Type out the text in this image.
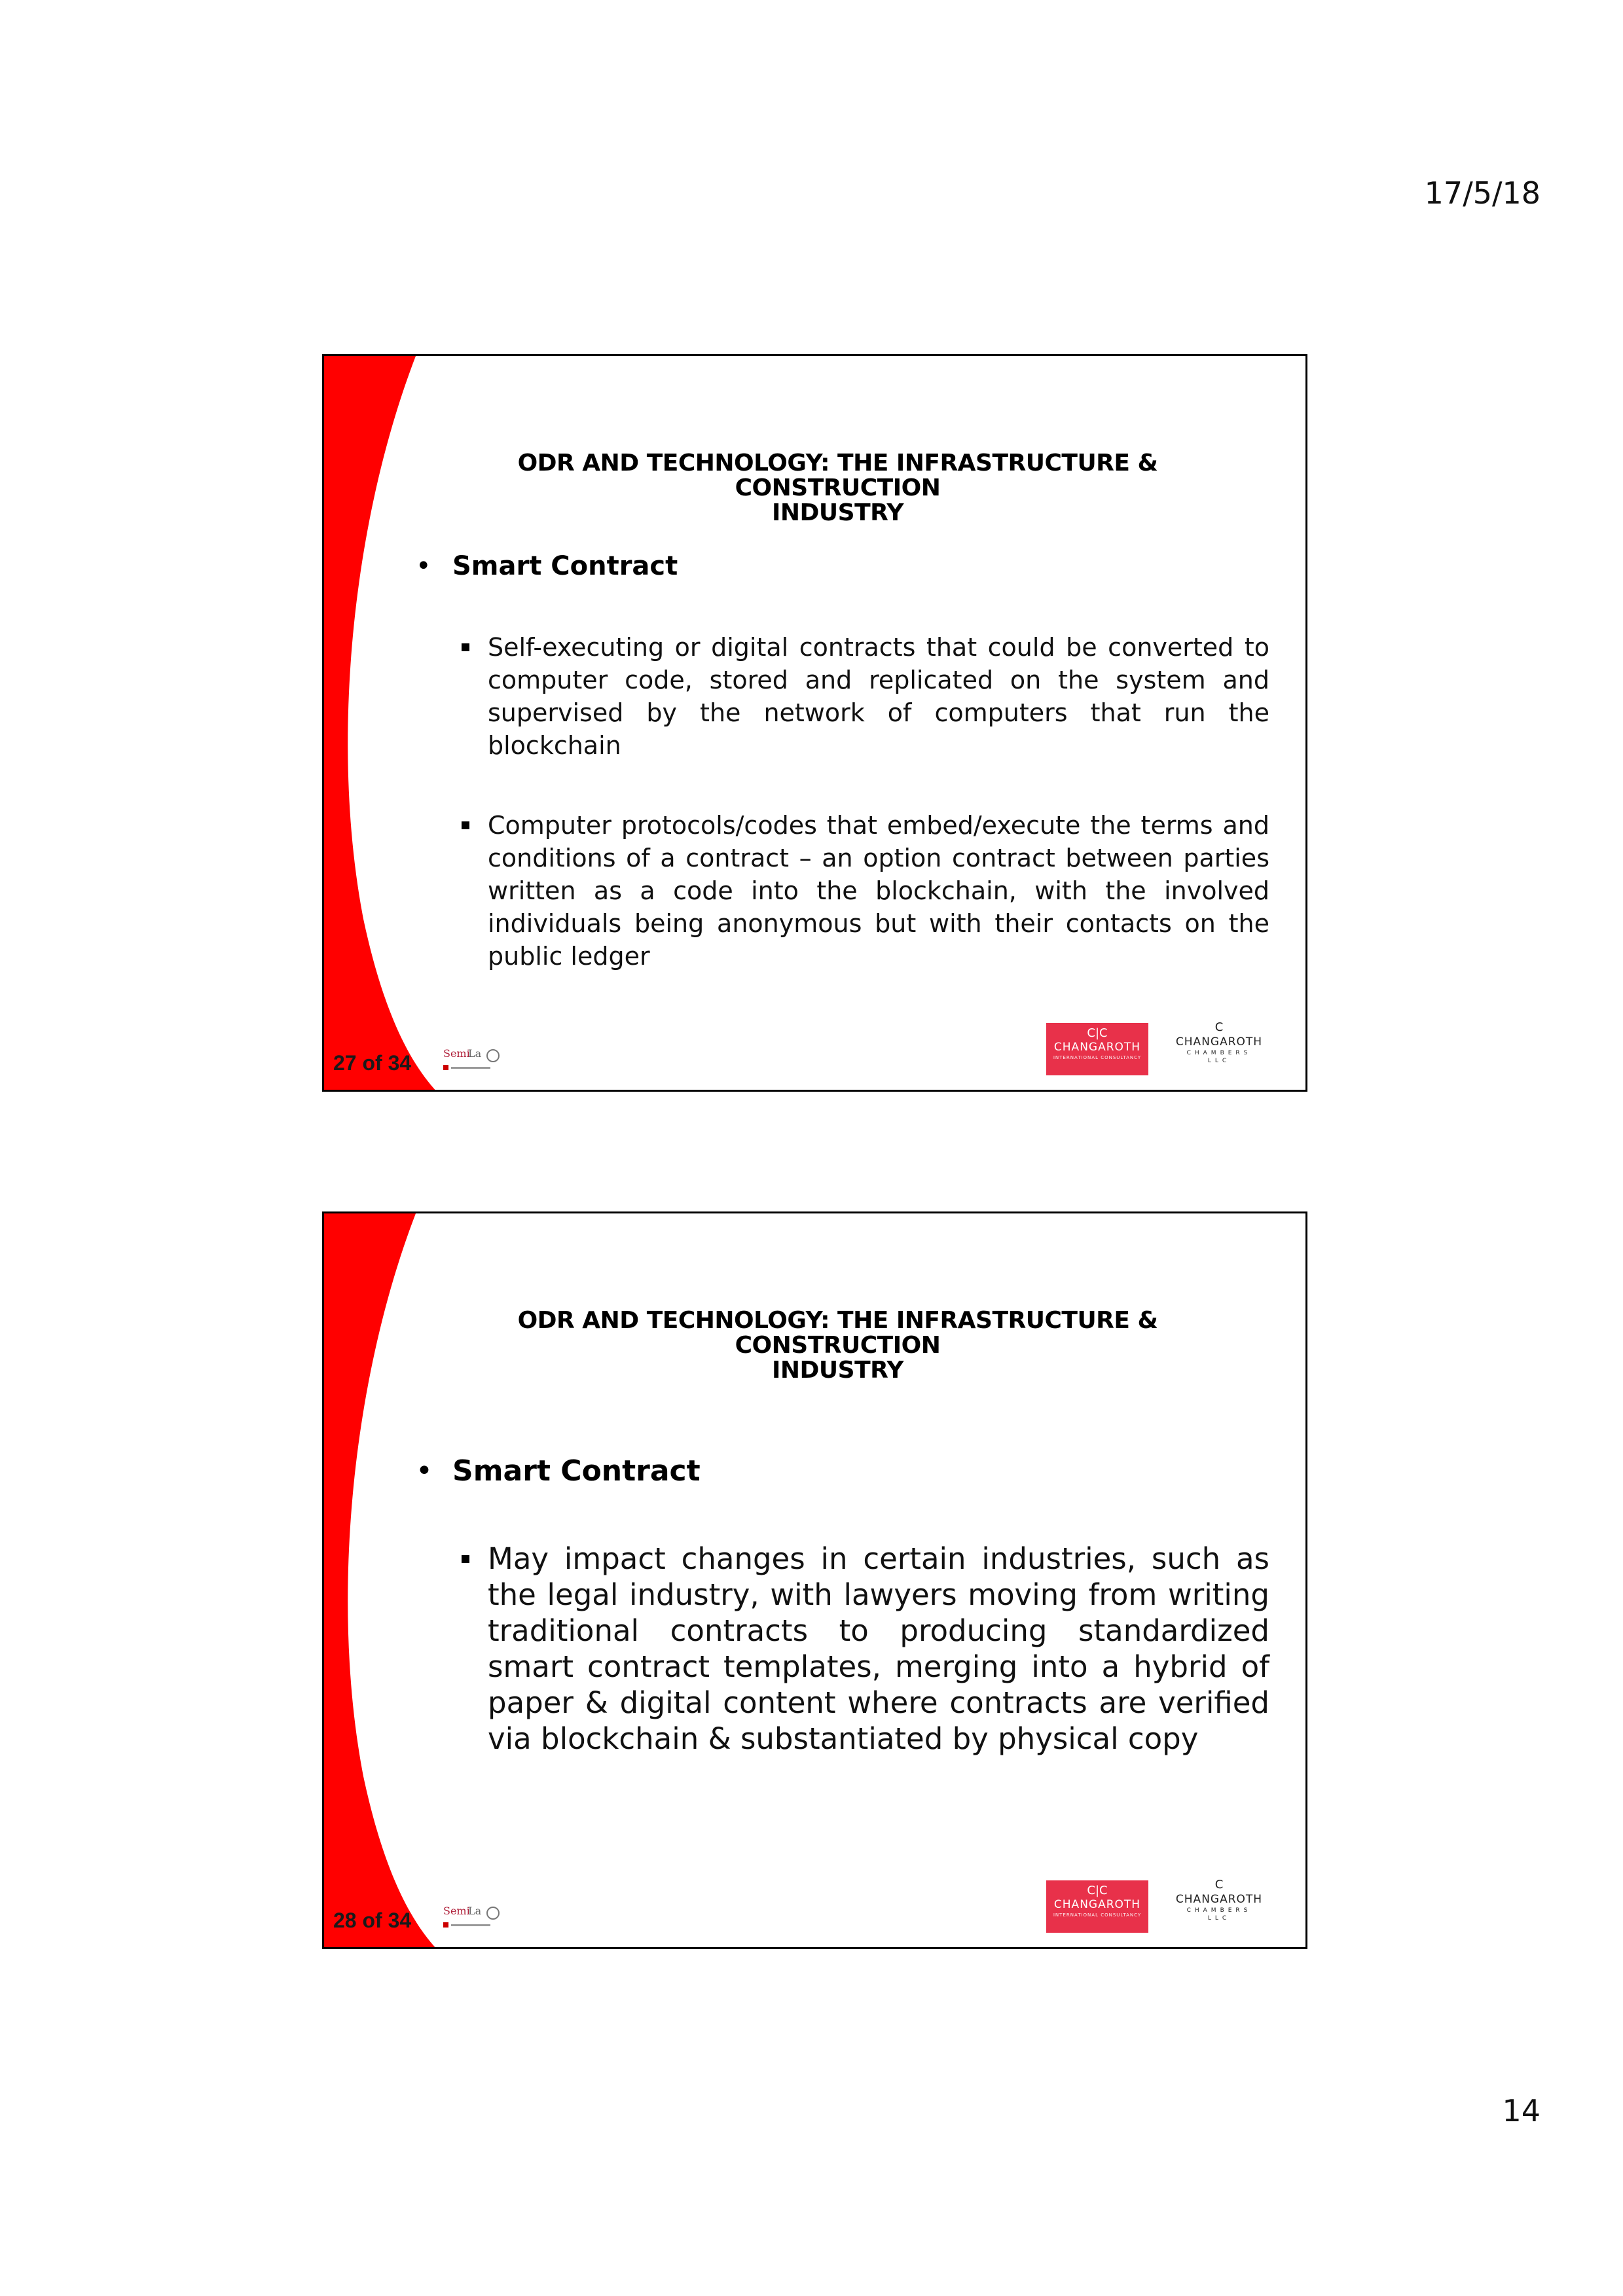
17/5/18
ODR AND TECHNOLOGY: THE INFRASTRUCTURE & CONSTRUCTION
INDUSTRY
• Smart Contract
Self-executing or digital contracts that could be converted to computer code, stored and replicated on the system and supervised by the network of computers that run the blockchain
Computer protocols/codes that embed/execute the terms and conditions of a contract – an option contract between parties written as a code into the blockchain, with the involved individuals being anonymous but with their contacts on the public ledger
27 of 34	Semi
La
C|C
CHANGAROTH
INTERNATIONAL CONSULTANCY
C
CHANGAROTH
CHAMBERS LLC
ODR AND TECHNOLOGY: THE INFRASTRUCTURE & CONSTRUCTION
INDUSTRY
• Smart Contract
May impact changes in certain industries, such as the legal industry, with lawyers moving from writing traditional contracts to producing standardized smart contract templates, merging into a hybrid of paper & digital content where contracts are verified via blockchain & substantiated by physical copy
28 of 34	Semi
La
C|C
CHANGAROTH
INTERNATIONAL CONSULTANCY
C
CHANGAROTH
CHAMBERS LLC
14
